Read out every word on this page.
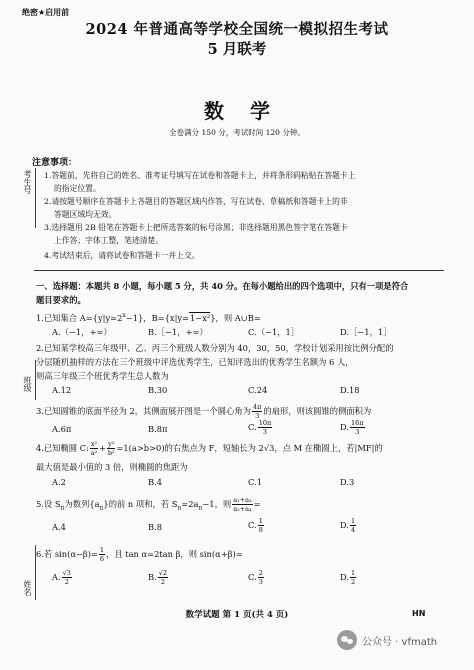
绝密★启用前
2024 年普通高等学校全国统一模拟招生考试
5 月联考
数学
全卷满分 150 分，考试时间 120 分钟。
考生号
班级
姓名
注意事项：
1.答题前，先将自己的姓名、准考证号填写在试卷和答题卡上，并将条形码粘贴在答题卡上
的指定位置。
2.请按题号顺序在答题卡上各题目的答题区域内作答，写在试卷、草稿纸和答题卡上的非
答题区域均无效。
3.选择题用 2B 铅笔在答题卡上把所选答案的标号涂黑；非选择题用黑色签字笔在答题卡
上作答；字体工整，笔迹清楚。
4.考试结束后，请将试卷和答题卡一并上交。
一、选择题：本题共 8 小题，每小题 5 分，共 40 分。在每小题给出的四个选项中，只有一项是符合
题目要求的。
1.已知集合 $A=\{y|y=2^x-1\}$，B={x|y=1−x²}，则 A∪B=
A.（−1，+∞）	B.［−1，+∞）	C.（−1，1］	D.［−1，1］
2.已知某学校高三年级甲、乙、丙三个班级人数分别为 40，30，50，学校计划采用按比例分配的
分层随机抽样的方法在三个班级中评选优秀学生，已知评选出的优秀学生名额为 6 人，
则高三年级三个班优秀学生总人数为
A.12	B.30	C.24	D.18
3.已知圆锥的底面半径为 2，其侧面展开图是一个圆心角为 $\frac{4\pi}{3}$ 的扇形，则该圆锥的侧面积为
A.6π	B.8π	C. $\frac{10\pi}{3}$	D. $\frac{16\pi}{3}$
4.已知椭圆 C: $\frac{\text{x²}}{\text{a²}} + \frac{\text{y²}}{\text{b²}} =1(a>b>0)$的右焦点为 F，短轴长为 2√3，点 M 在椭圆上，若|MF|的
最大值是最小值的 3 倍，则椭圆的焦距为
A.2	B.4	C.1	D.3
5.设 $S_n$为数列$\{a_n\}$的前 n 项和，若 $S_n=2a_n-1$，则 $\frac{\text{a₁+a₃}}{\text{a₂+a₄}}$ =
A.4	B.8	C. $\frac{1}{8}$	D. $\frac{1}{4}$
6.若 $\sin(\alpha-\beta)= \frac{1}{6}$ ，且 tan α=2tan β，则 sin(α+β)=
A. $\frac{√3}{2}$	B. $\frac{√2}{2}$	C. $\frac{2}{3}$	D. $\frac{1}{2}$
数学试题 第 1 页(共 4 页)	HN
公众号 · vfmath
